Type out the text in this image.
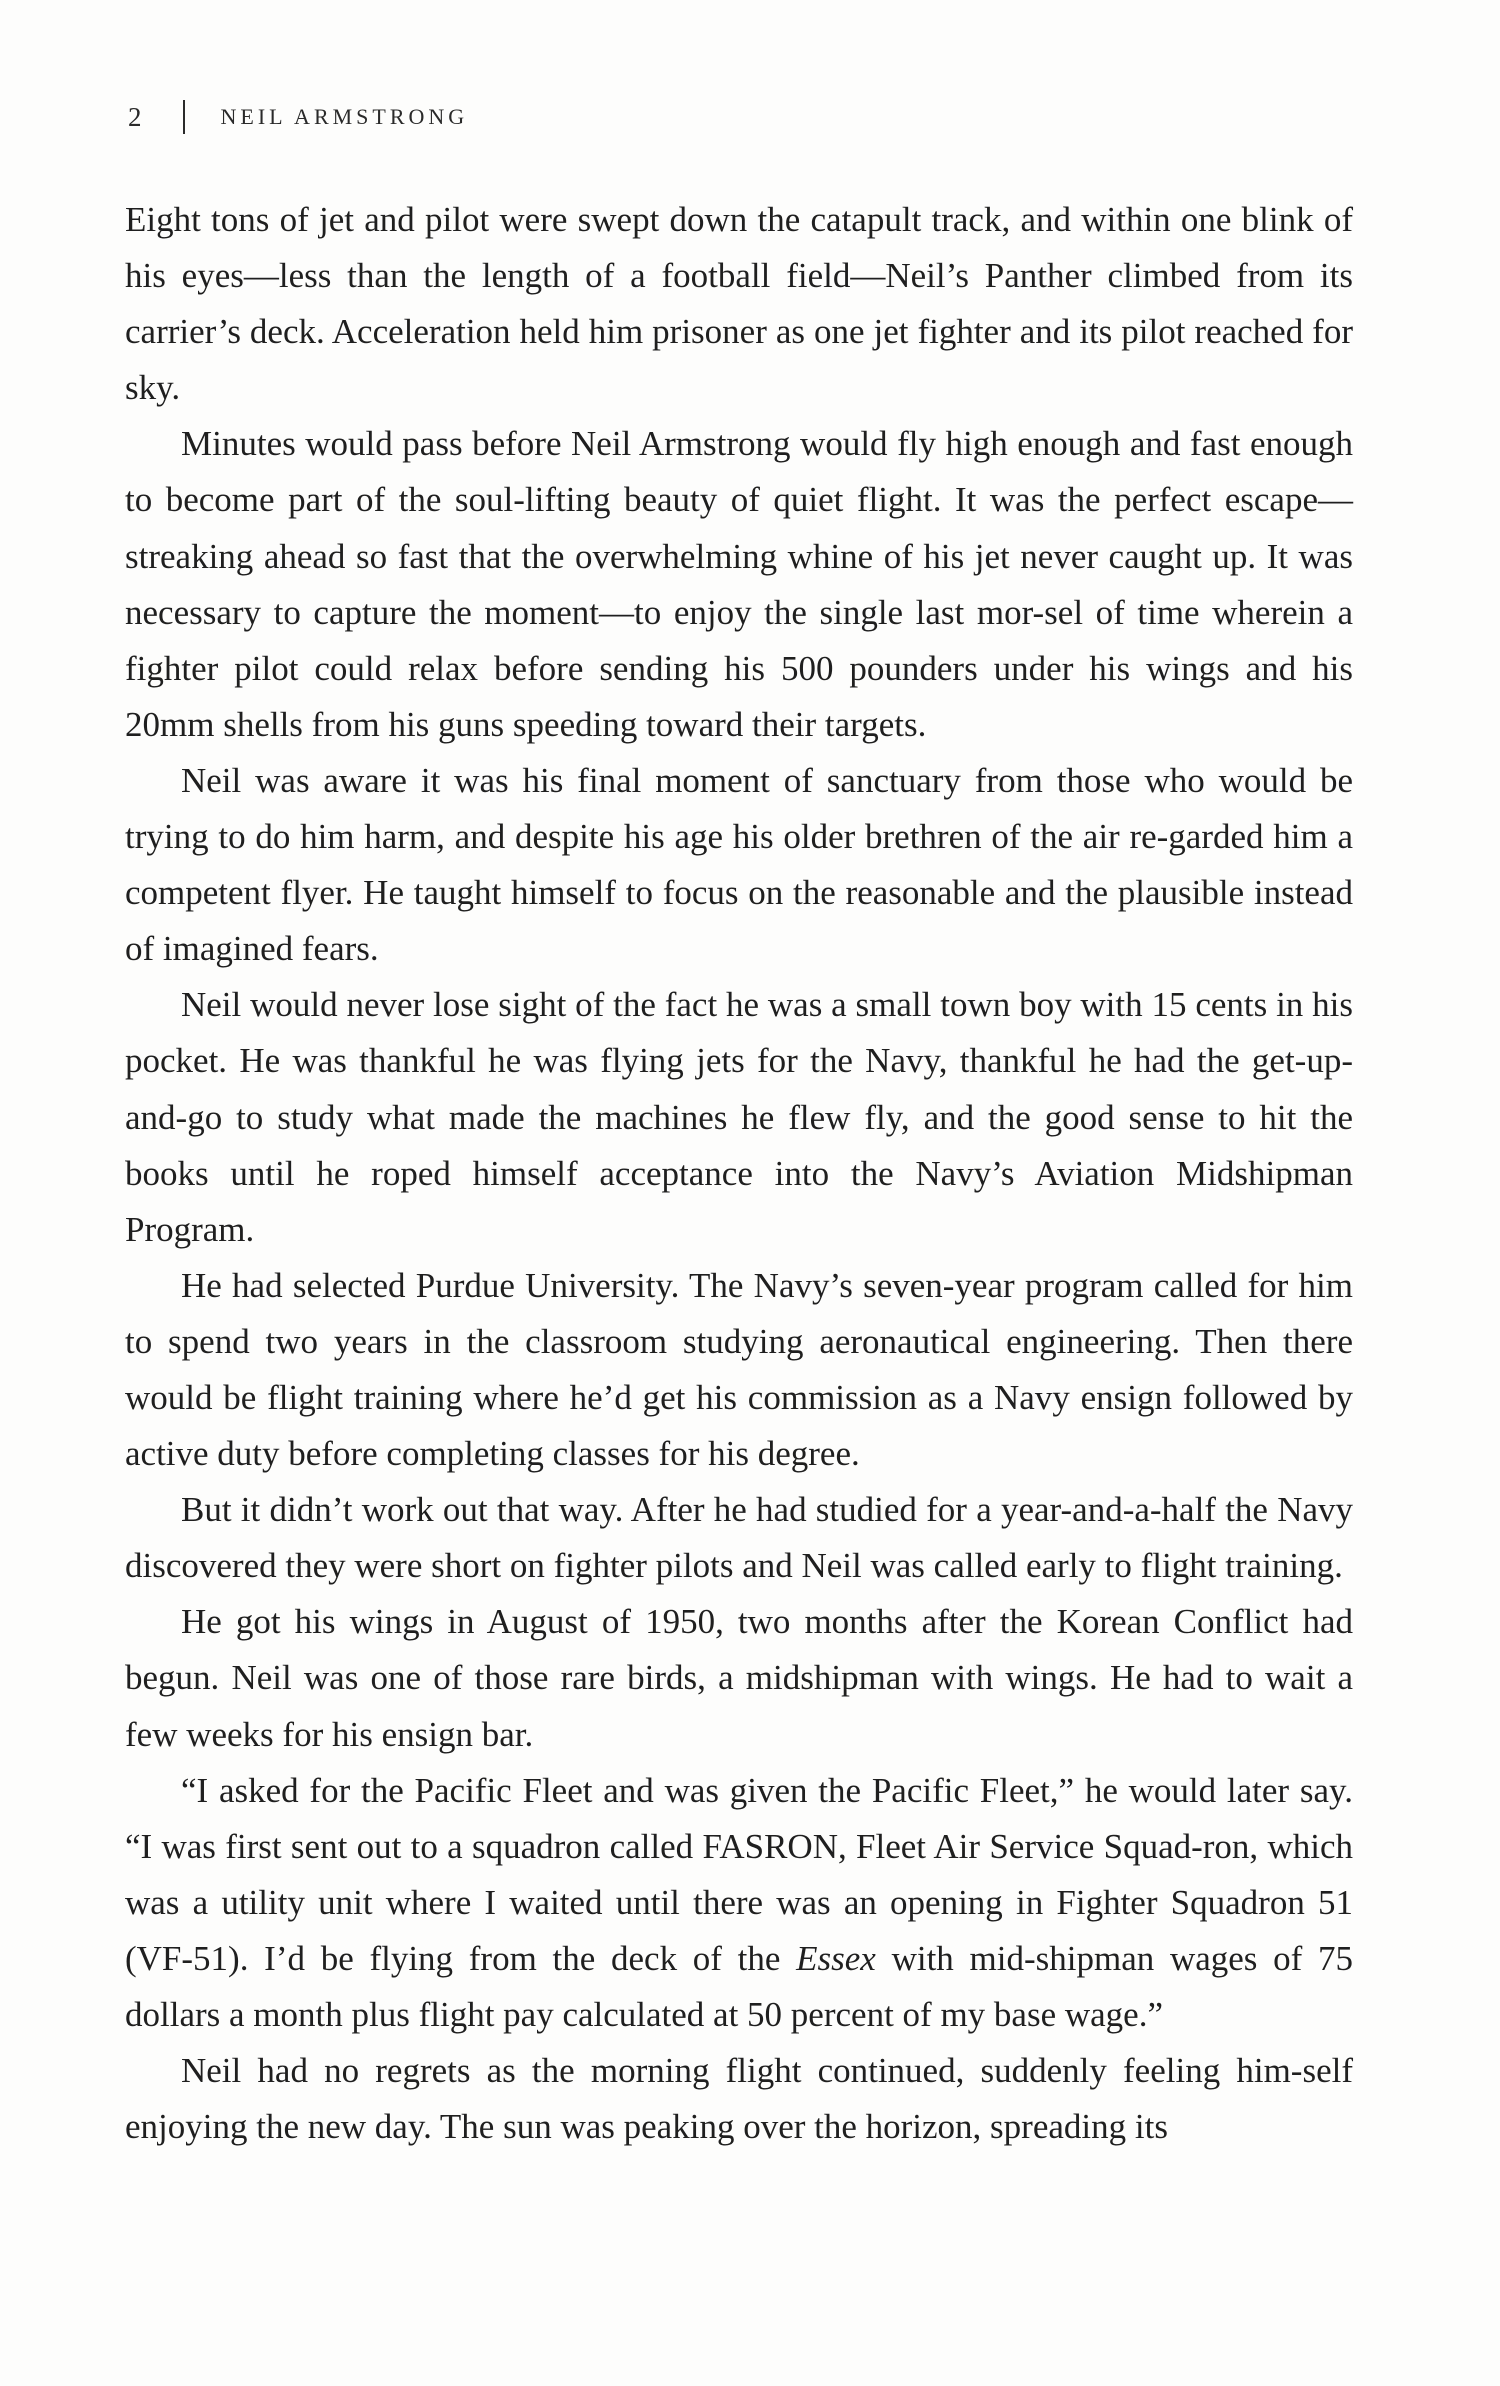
2	NEIL ARMSTRONG

Eight tons of jet and pilot were swept down the catapult track, and within one blink of his eyes—less than the length of a football field—Neil’s Panther climbed from its carrier’s deck. Acceleration held him prisoner as one jet fighter and its pilot reached for sky.

Minutes would pass before Neil Armstrong would fly high enough and fast enough to become part of the soul-lifting beauty of quiet flight. It was the perfect escape—streaking ahead so fast that the overwhelming whine of his jet never caught up. It was necessary to capture the moment—to enjoy the single last mor-sel of time wherein a fighter pilot could relax before sending his 500 pounders under his wings and his 20mm shells from his guns speeding toward their targets.

Neil was aware it was his final moment of sanctuary from those who would be trying to do him harm, and despite his age his older brethren of the air re-garded him a competent flyer. He taught himself to focus on the reasonable and the plausible instead of imagined fears.

Neil would never lose sight of the fact he was a small town boy with 15 cents in his pocket. He was thankful he was flying jets for the Navy, thankful he had the get-up-and-go to study what made the machines he flew fly, and the good sense to hit the books until he roped himself acceptance into the Navy’s Aviation Midshipman Program.

He had selected Purdue University. The Navy’s seven-year program called for him to spend two years in the classroom studying aeronautical engineering. Then there would be flight training where he’d get his commission as a Navy ensign followed by active duty before completing classes for his degree.

But it didn’t work out that way. After he had studied for a year-and-a-half the Navy discovered they were short on fighter pilots and Neil was called early to flight training.

He got his wings in August of 1950, two months after the Korean Conflict had begun. Neil was one of those rare birds, a midshipman with wings. He had to wait a few weeks for his ensign bar.

“I asked for the Pacific Fleet and was given the Pacific Fleet,” he would later say. “I was first sent out to a squadron called FASRON, Fleet Air Service Squad-ron, which was a utility unit where I waited until there was an opening in Fighter Squadron 51 (VF-51). I’d be flying from the deck of the Essex with mid-shipman wages of 75 dollars a month plus flight pay calculated at 50 percent of my base wage.”

Neil had no regrets as the morning flight continued, suddenly feeling him-self enjoying the new day. The sun was peaking over the horizon, spreading its
